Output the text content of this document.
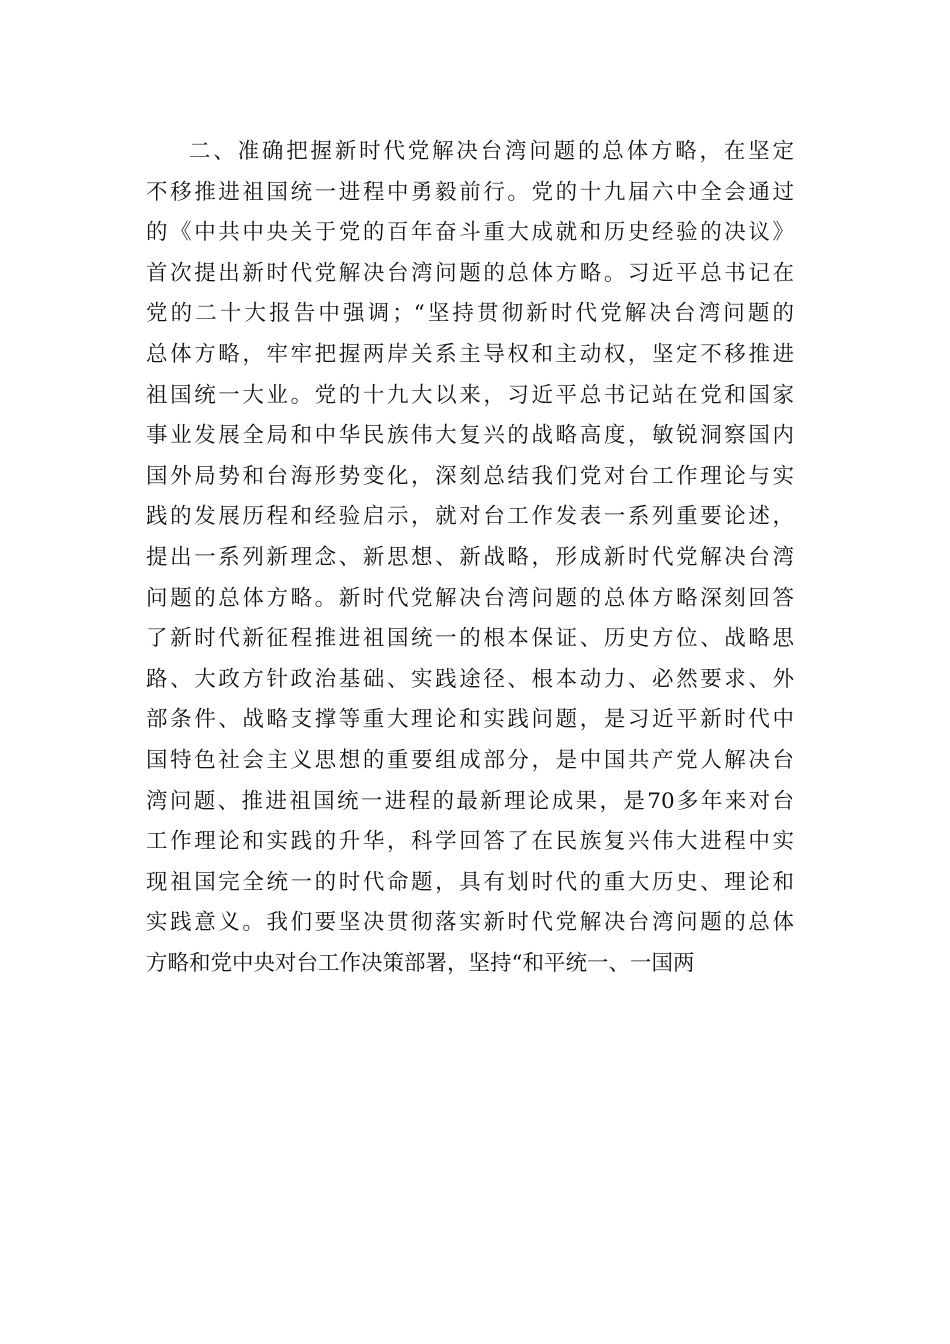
二、准确把握新时代党解决台湾问题的总体方略，在坚定
不移推进祖国统一进程中勇毅前行。党的十九届六中全会通过
的《中共中央关于党的百年奋斗重大成就和历史经验的决议》
首次提出新时代党解决台湾问题的总体方略。习近平总书记在
党的二十大报告中强调；“坚持贯彻新时代党解决台湾问题的
总体方略，牢牢把握两岸关系主导权和主动权，坚定不移推进
祖国统一大业。党的十九大以来，习近平总书记站在党和国家
事业发展全局和中华民族伟大复兴的战略高度，敏锐洞察国内
国外局势和台海形势变化，深刻总结我们党对台工作理论与实
践的发展历程和经验启示，就对台工作发表一系列重要论述，
提出一系列新理念、新思想、新战略，形成新时代党解决台湾
问题的总体方略。新时代党解决台湾问题的总体方略深刻回答
了新时代新征程推进祖国统一的根本保证、历史方位、战略思
路、大政方针政治基础、实践途径、根本动力、必然要求、外
部条件、战略支撑等重大理论和实践问题，是习近平新时代中
国特色社会主义思想的重要组成部分，是中国共产党人解决台
湾问题、推进祖国统一进程的最新理论成果，是70多年来对台
工作理论和实践的升华，科学回答了在民族复兴伟大进程中实
现祖国完全统一的时代命题，具有划时代的重大历史、理论和
实践意义。我们要坚决贯彻落实新时代党解决台湾问题的总体
方略和党中央对台工作决策部署，坚持“和平统一、一国两
